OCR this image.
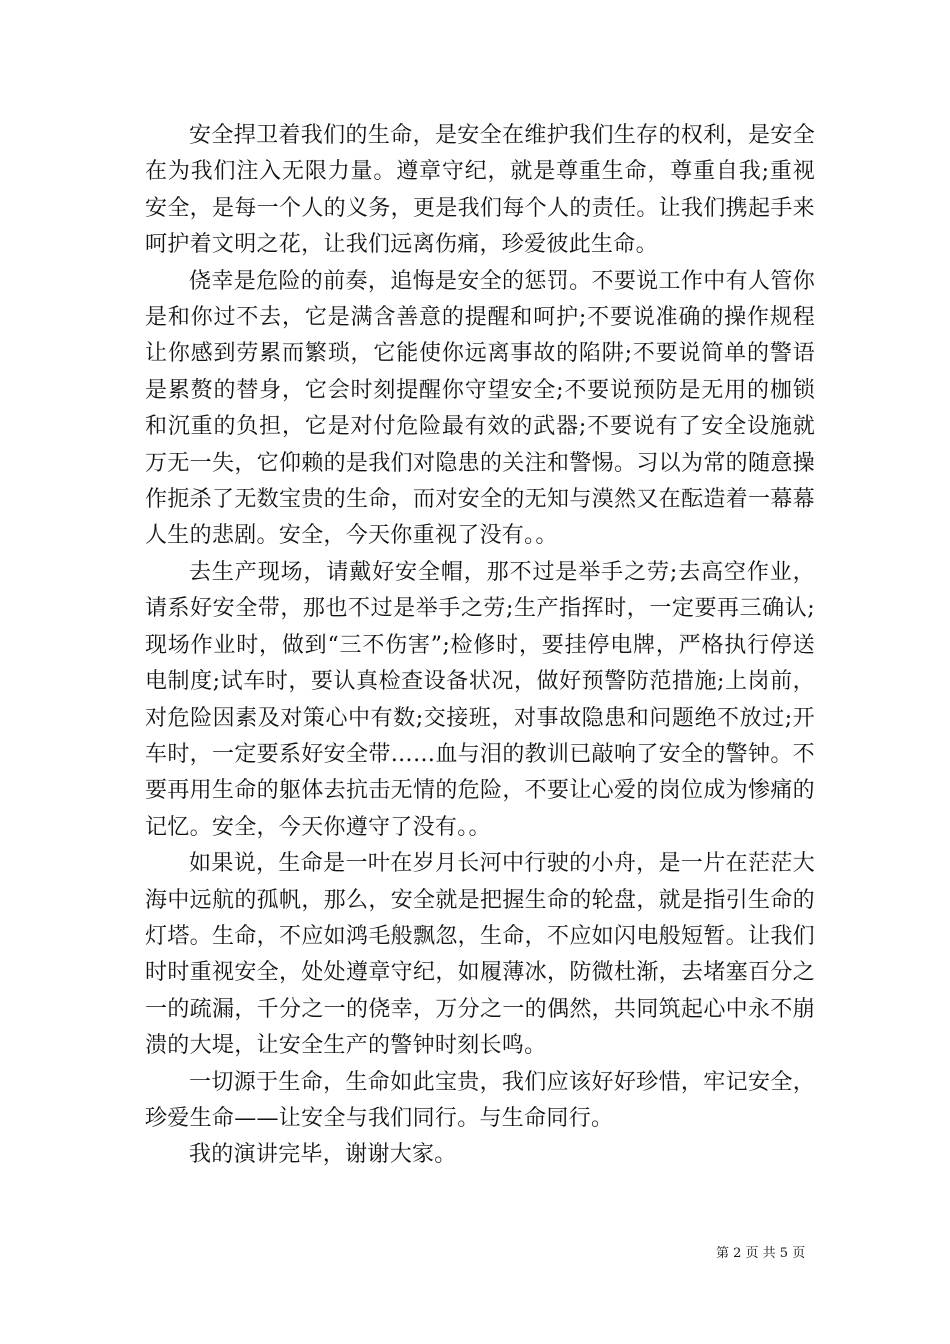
安全捍卫着我们的生命，是安全在维护我们生存的权利，是安全在为我们注入无限力量。遵章守纪，就是尊重生命，尊重自我;重视安全，是每一个人的义务，更是我们每个人的责任。让我们携起手来呵护着文明之花，让我们远离伤痛，珍爱彼此生命。

侥幸是危险的前奏，追悔是安全的惩罚。不要说工作中有人管你是和你过不去，它是满含善意的提醒和呵护;不要说准确的操作规程让你感到劳累而繁琐，它能使你远离事故的陷阱;不要说简单的警语是累赘的替身，它会时刻提醒你守望安全;不要说预防是无用的枷锁和沉重的负担，它是对付危险最有效的武器;不要说有了安全设施就万无一失，它仰赖的是我们对隐患的关注和警惕。习以为常的随意操作扼杀了无数宝贵的生命，而对安全的无知与漠然又在酝造着一幕幕人生的悲剧。安全，今天你重视了没有。。

去生产现场，请戴好安全帽，那不过是举手之劳;去高空作业，请系好安全带，那也不过是举手之劳;生产指挥时，一定要再三确认;现场作业时，做到“三不伤害”;检修时，要挂停电牌，严格执行停送电制度;试车时，要认真检查设备状况，做好预警防范措施;上岗前，对危险因素及对策心中有数;交接班，对事故隐患和问题绝不放过;开车时，一定要系好安全带……血与泪的教训已敲响了安全的警钟。不要再用生命的躯体去抗击无情的危险，不要让心爱的岗位成为惨痛的记忆。安全，今天你遵守了没有。。

如果说，生命是一叶在岁月长河中行驶的小舟，是一片在茫茫大海中远航的孤帆，那么，安全就是把握生命的轮盘，就是指引生命的灯塔。生命，不应如鸿毛般飘忽，生命，不应如闪电般短暂。让我们时时重视安全，处处遵章守纪，如履薄冰，防微杜渐，去堵塞百分之一的疏漏，千分之一的侥幸，万分之一的偶然，共同筑起心中永不崩溃的大堤，让安全生产的警钟时刻长鸣。

一切源于生命，生命如此宝贵，我们应该好好珍惜，牢记安全，珍爱生命——让安全与我们同行。与生命同行。

我的演讲完毕，谢谢大家。

第 2 页 共 5 页
